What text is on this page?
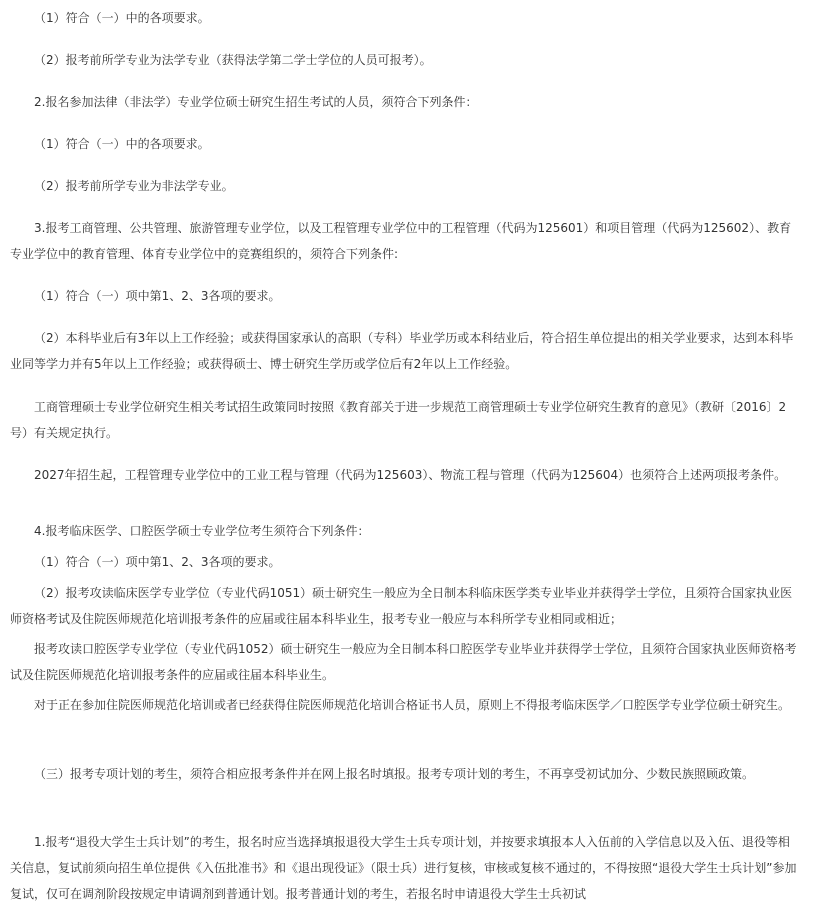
（1）符合（一）中的各项要求。

（2）报考前所学专业为法学专业（获得法学第二学士学位的人员可报考）。

2.报名参加法律（非法学）专业学位硕士研究生招生考试的人员，须符合下列条件：

（1）符合（一）中的各项要求。

（2）报考前所学专业为非法学专业。

3.报考工商管理、公共管理、旅游管理专业学位，以及工程管理专业学位中的工程管理（代码为125601）和项目管理（代码为125602）、教育专业学位中的教育管理、体育专业学位中的竞赛组织的，须符合下列条件:

（1）符合（一）项中第1、2、3各项的要求。

（2）本科毕业后有3年以上工作经验；或获得国家承认的高职（专科）毕业学历或本科结业后，符合招生单位提出的相关学业要求，达到本科毕业同等学力并有5年以上工作经验；或获得硕士、博士研究生学历或学位后有2年以上工作经验。

工商管理硕士专业学位研究生相关考试招生政策同时按照《教育部关于进一步规范工商管理硕士专业学位研究生教育的意见》（教研〔2016〕2号）有关规定执行。

2027年招生起，工程管理专业学位中的工业工程与管理（代码为125603）、物流工程与管理（代码为125604）也须符合上述两项报考条件。

4.报考临床医学、口腔医学硕士专业学位考生须符合下列条件：

（1）符合（一）项中第1、2、3各项的要求。

（2）报考攻读临床医学专业学位（专业代码1051）硕士研究生一般应为全日制本科临床医学类专业毕业并获得学士学位，且须符合国家执业医师资格考试及住院医师规范化培训报考条件的应届或往届本科毕业生，报考专业一般应与本科所学专业相同或相近；

报考攻读口腔医学专业学位（专业代码1052）硕士研究生一般应为全日制本科口腔医学专业毕业并获得学士学位，且须符合国家执业医师资格考试及住院医师规范化培训报考条件的应届或往届本科毕业生。

对于正在参加住院医师规范化培训或者已经获得住院医师规范化培训合格证书人员，原则上不得报考临床医学／口腔医学专业学位硕士研究生。

（三）报考专项计划的考生，须符合相应报考条件并在网上报名时填报。报考专项计划的考生，不再享受初试加分、少数民族照顾政策。

1.报考“退役大学生士兵计划”的考生，报名时应当选择填报退役大学生士兵专项计划，并按要求填报本人入伍前的入学信息以及入伍、退役等相关信息，复试前须向招生单位提供《入伍批准书》和《退出现役证》（限士兵）进行复核，审核或复核不通过的，不得按照“退役大学生士兵计划”参加复试，仅可在调剂阶段按规定申请调剂到普通计划。报考普通计划的考生，若报名时申请退役大学生士兵初试
